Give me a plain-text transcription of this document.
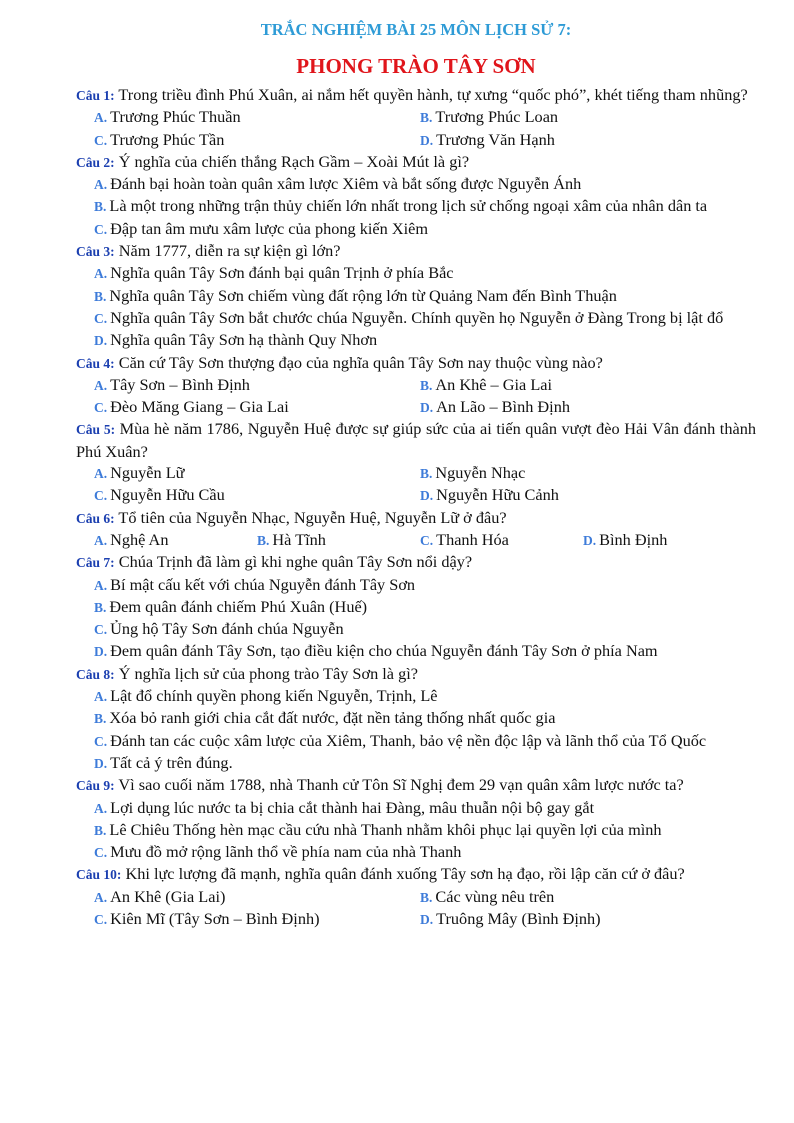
TRẮC NGHIỆM BÀI 25 MÔN LỊCH SỬ 7:
PHONG TRÀO TÂY SƠN
Câu 1: Trong triều đình Phú Xuân, ai nắm hết quyền hành, tự xưng “quốc phó”, khét tiếng tham nhũng?
A. Trương Phúc Thuần	B. Trương Phúc Loan
C. Trương Phúc Tần	D. Trương Văn Hạnh
Câu 2: Ý nghĩa của chiến thắng Rạch Gầm – Xoài Mút là gì?
A. Đánh bại hoàn toàn quân xâm lược Xiêm và bắt sống được Nguyễn Ánh
B. Là một trong những trận thủy chiến lớn nhất trong lịch sử chống ngoại xâm của nhân dân ta
C. Đập tan âm mưu xâm lược của phong kiến Xiêm
Câu 3: Năm 1777, diễn ra sự kiện gì lớn?
A. Nghĩa quân Tây Sơn đánh bại quân Trịnh ở phía Bắc
B. Nghĩa quân Tây Sơn chiếm vùng đất rộng lớn từ Quảng Nam đến Bình Thuận
C. Nghĩa quân Tây Sơn bắt chước chúa Nguyễn. Chính quyền họ Nguyễn ở Đàng Trong bị lật đổ
D. Nghĩa quân Tây Sơn hạ thành Quy Nhơn
Câu 4: Căn cứ Tây Sơn thượng đạo của nghĩa quân Tây Sơn nay thuộc vùng nào?
A. Tây Sơn – Bình Định	B. An Khê – Gia Lai
C. Đèo Măng Giang – Gia Lai	D. An Lão – Bình Định
Câu 5: Mùa hè năm 1786, Nguyễn Huệ được sự giúp sức của ai tiến quân vượt đèo Hải Vân đánh thành Phú Xuân?
A. Nguyễn Lữ	B. Nguyễn Nhạc
C. Nguyễn Hữu Cầu	D. Nguyễn Hữu Cảnh
Câu 6: Tổ tiên của Nguyễn Nhạc, Nguyễn Huệ, Nguyễn Lữ ở đâu?
A. Nghệ An	B. Hà Tĩnh	C. Thanh Hóa	D. Bình Định
Câu 7: Chúa Trịnh đã làm gì khi nghe quân Tây Sơn nổi dậy?
A. Bí mật cấu kết với chúa Nguyễn đánh Tây Sơn
B. Đem quân đánh chiếm Phú Xuân (Huế)
C. Ủng hộ Tây Sơn đánh chúa Nguyễn
D. Đem quân đánh Tây Sơn, tạo điều kiện cho chúa Nguyễn đánh Tây Sơn ở phía Nam
Câu 8: Ý nghĩa lịch sử của phong trào Tây Sơn là gì?
A. Lật đổ chính quyền phong kiến Nguyễn, Trịnh, Lê
B. Xóa bỏ ranh giới chia cắt đất nước, đặt nền tảng thống nhất quốc gia
C. Đánh tan các cuộc xâm lược của Xiêm, Thanh, bảo vệ nền độc lập và lãnh thổ của Tổ Quốc
D. Tất cả ý trên đúng.
Câu 9: Vì sao cuối năm 1788, nhà Thanh cử Tôn Sĩ Nghị đem 29 vạn quân xâm lược nước ta?
A. Lợi dụng lúc nước ta bị chia cắt thành hai Đàng, mâu thuẫn nội bộ gay gắt
B. Lê Chiêu Thống hèn mạc cầu cứu nhà Thanh nhằm khôi phục lại quyền lợi của mình
C. Mưu đồ mở rộng lãnh thổ về phía nam của nhà Thanh
Câu 10: Khi lực lượng đã mạnh, nghĩa quân đánh xuống Tây sơn hạ đạo, rồi lập căn cứ ở đâu?
A. An Khê (Gia Lai)	B. Các vùng nêu trên
C. Kiên Mĩ (Tây Sơn – Bình Định)	D. Truông Mây (Bình Định)
